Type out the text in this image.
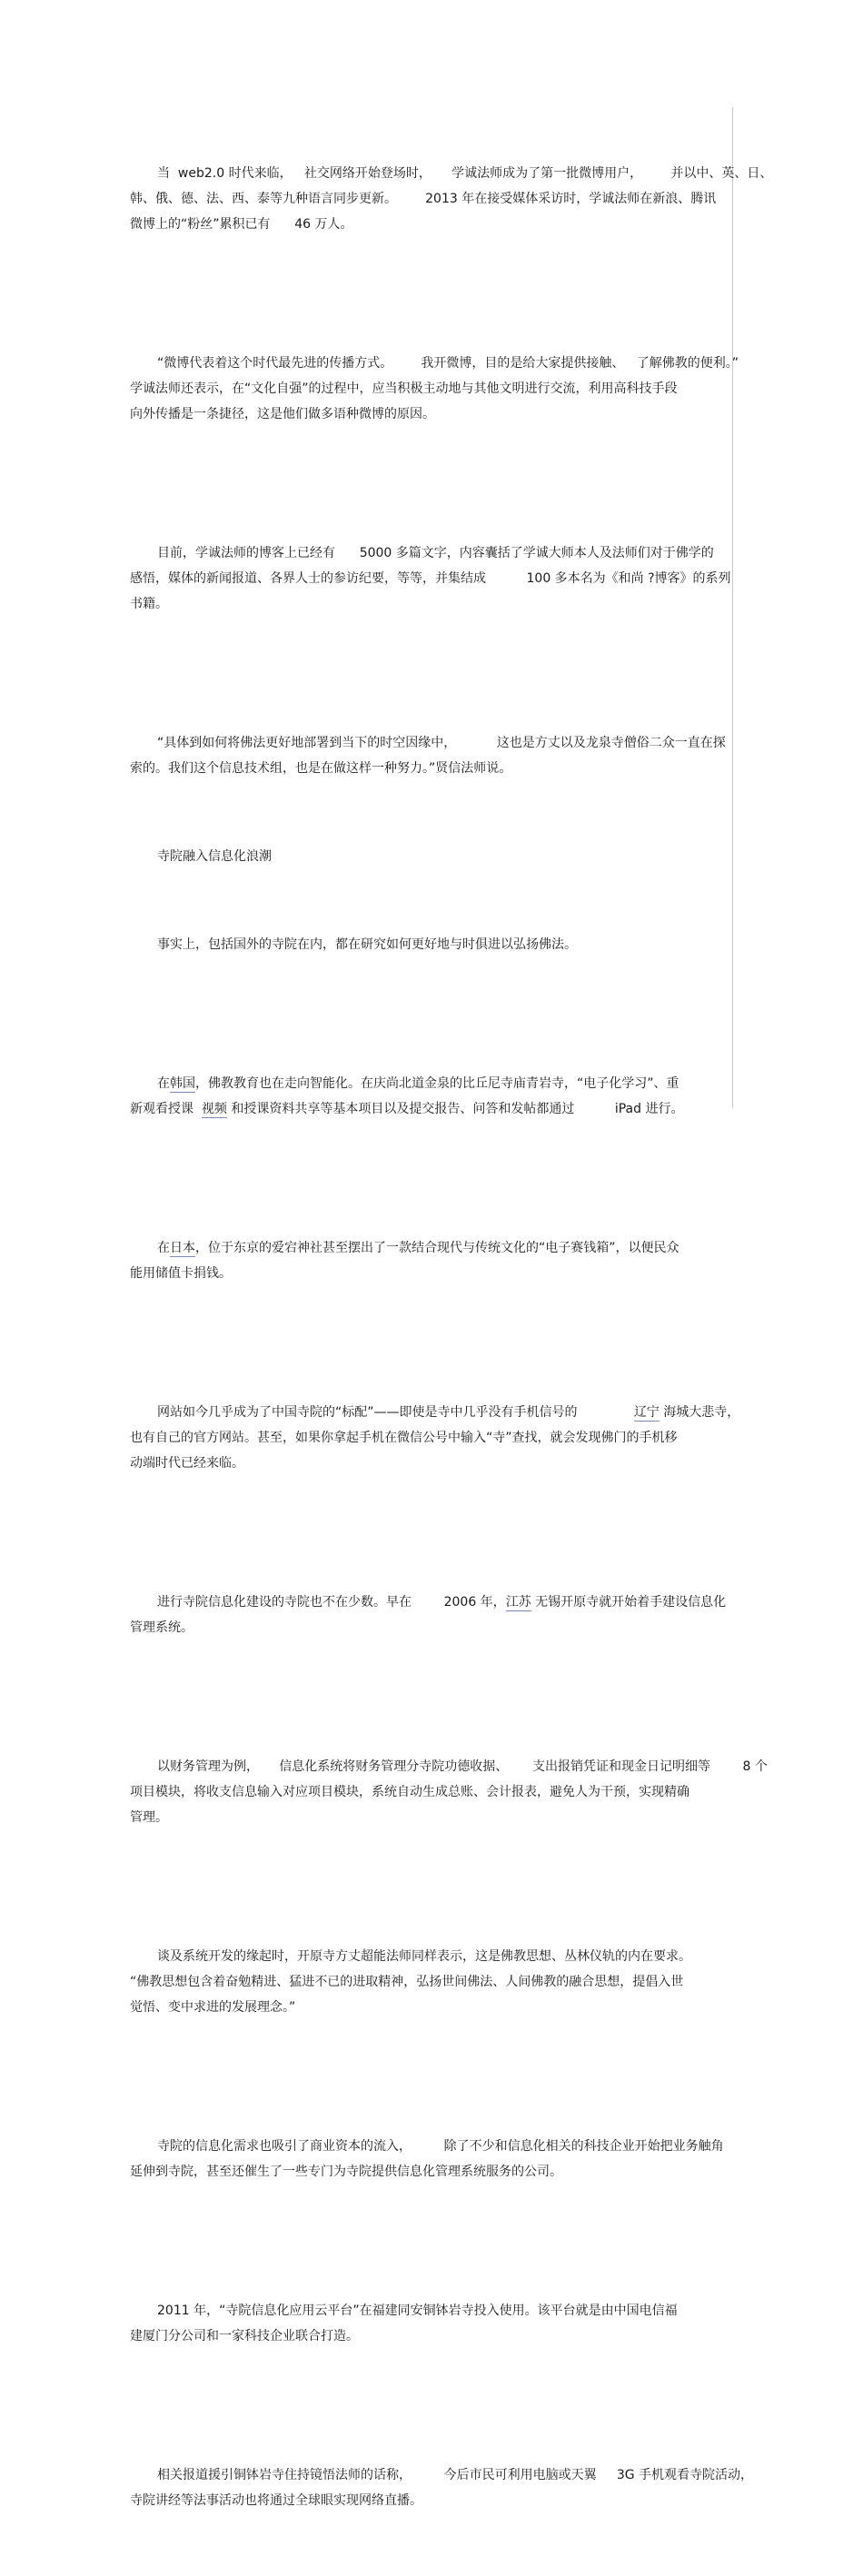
当  web2.0 时代来临，   社交网络开始登场时，     学诚法师成为了第一批微博用户，       并以中、英、日、
韩、俄、德、法、西、泰等九种语言同步更新。       2013 年在接受媒体采访时，学诚法师在新浪、腾讯
微博上的“粉丝”累积已有      46 万人。

“微博代表着这个时代最先进的传播方式。       我开微博，目的是给大家提供接触、   了解佛教的便利。”
学诚法师还表示，在“文化自强”的过程中，应当积极主动地与其他文明进行交流，利用高科技手段
向外传播是一条捷径，这是他们做多语种微博的原因。

目前，学诚法师的博客上已经有      5000 多篇文字，内容囊括了学诚大师本人及法师们对于佛学的
感悟，媒体的新闻报道、各界人士的参访纪要，等等，并集结成          100 多本名为《和尚 ?博客》的系列
书籍。

“具体到如何将佛法更好地部署到当下的时空因缘中，          这也是方丈以及龙泉寺僧俗二众一直在探
索的。我们这个信息技术组，也是在做这样一种努力。”贤信法师说。

寺院融入信息化浪潮

事实上，包括国外的寺院在内，都在研究如何更好地与时俱进以弘扬佛法。

在韩国，佛教教育也在走向智能化。在庆尚北道金泉的比丘尼寺庙青岩寺，“电子化学习”、重
新观看授课  视频 和授课资料共享等基本项目以及提交报告、问答和发帖都通过          iPad 进行。

在日本，位于东京的爱宕神社甚至摆出了一款结合现代与传统文化的“电子赛钱箱”，以便民众
能用储值卡捐钱。

网站如今几乎成为了中国寺院的“标配”——即使是寺中几乎没有手机信号的              辽宁 海城大悲寺，
也有自己的官方网站。甚至，如果你拿起手机在微信公号中输入“寺”查找，就会发现佛门的手机移
动端时代已经来临。

进行寺院信息化建设的寺院也不在少数。早在        2006 年，江苏 无锡开原寺就开始着手建设信息化
管理系统。

以财务管理为例，     信息化系统将财务管理分寺院功德收据、      支出报销凭证和现金日记明细等        8 个
项目模块，将收支信息输入对应项目模块，系统自动生成总账、会计报表，避免人为干预，实现精确
管理。

谈及系统开发的缘起时，开原寺方丈超能法师同样表示，这是佛教思想、丛林仪轨的内在要求。
“佛教思想包含着奋勉精进、猛进不已的进取精神，弘扬世间佛法、人间佛教的融合思想，提倡入世
觉悟、变中求进的发展理念。”

寺院的信息化需求也吸引了商业资本的流入，        除了不少和信息化相关的科技企业开始把业务触角
延伸到寺院，甚至还催生了一些专门为寺院提供信息化管理系统服务的公司。

2011 年，“寺院信息化应用云平台”在福建同安铜钵岩寺投入使用。该平台就是由中国电信福
建厦门分公司和一家科技企业联合打造。

相关报道援引铜钵岩寺住持镜悟法师的话称，        今后市民可利用电脑或天翼     3G 手机观看寺院活动，
寺院讲经等法事活动也将通过全球眼实现网络直播。
